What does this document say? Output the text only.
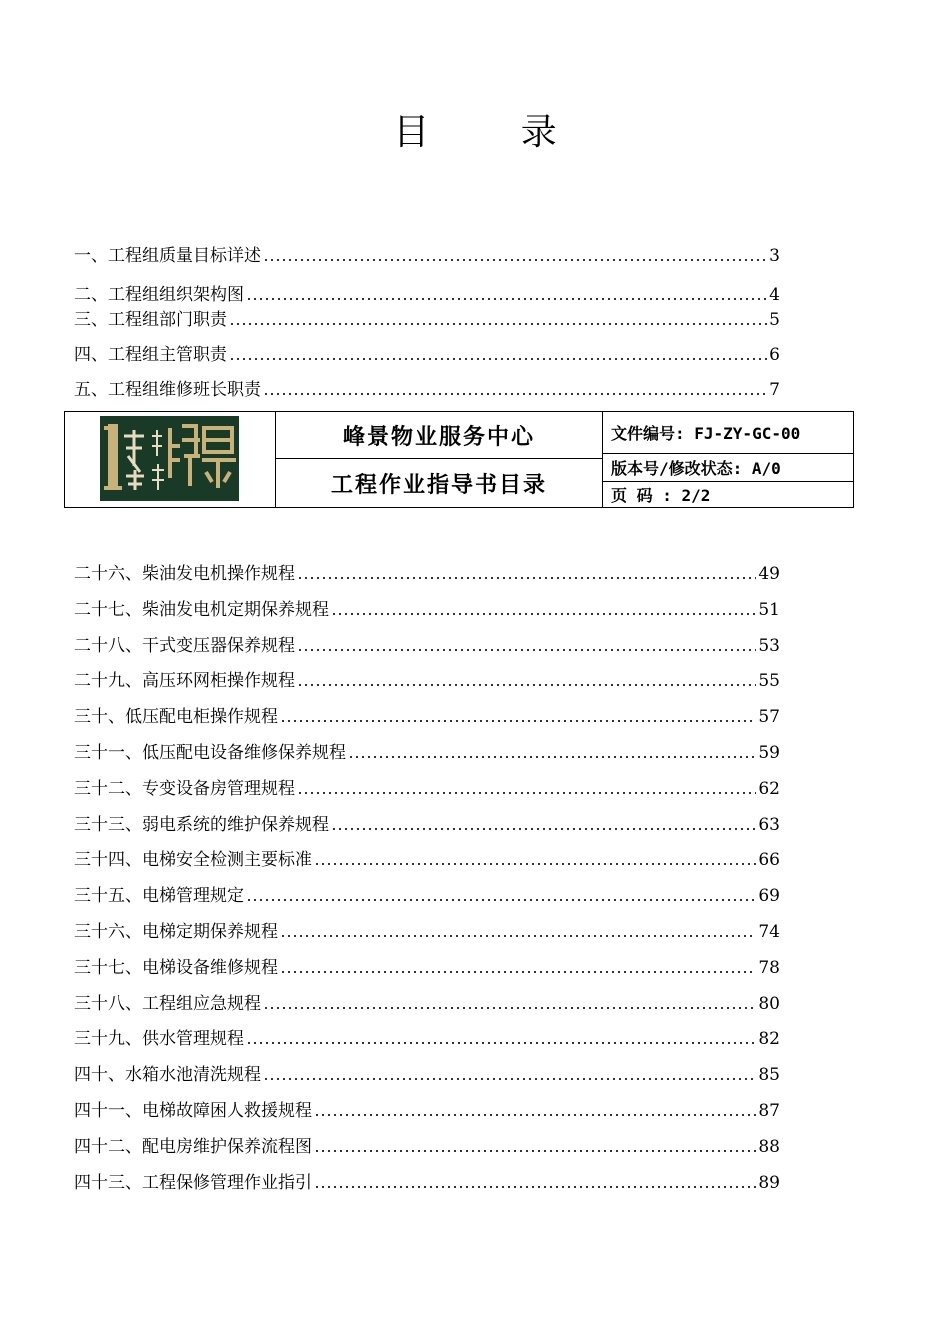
目 录
一、工程组质量目标详述	3
二、工程组组织架构图	4
三、工程组部门职责	5
四、工程组主管职责	6
五、工程组维修班长职责	7
峰景物业服务中心
工程作业指导书目录
文件编号: FJ-ZY-GC-00
版本号/修改状态: A/0
页 码 : 2/2
二十六、柴油发电机操作规程	49
二十七、柴油发电机定期保养规程	51
二十八、干式变压器保养规程	53
二十九、高压环网柜操作规程	55
三十、低压配电柜操作规程	57
三十一、低压配电设备维修保养规程	59
三十二、专变设备房管理规程	62
三十三、弱电系统的维护保养规程	63
三十四、电梯安全检测主要标准	66
三十五、电梯管理规定	69
三十六、电梯定期保养规程	74
三十七、电梯设备维修规程	78
三十八、工程组应急规程	80
三十九、供水管理规程	82
四十、水箱水池清洗规程	85
四十一、电梯故障困人救援规程	87
四十二、配电房维护保养流程图	88
四十三、工程保修管理作业指引	89
